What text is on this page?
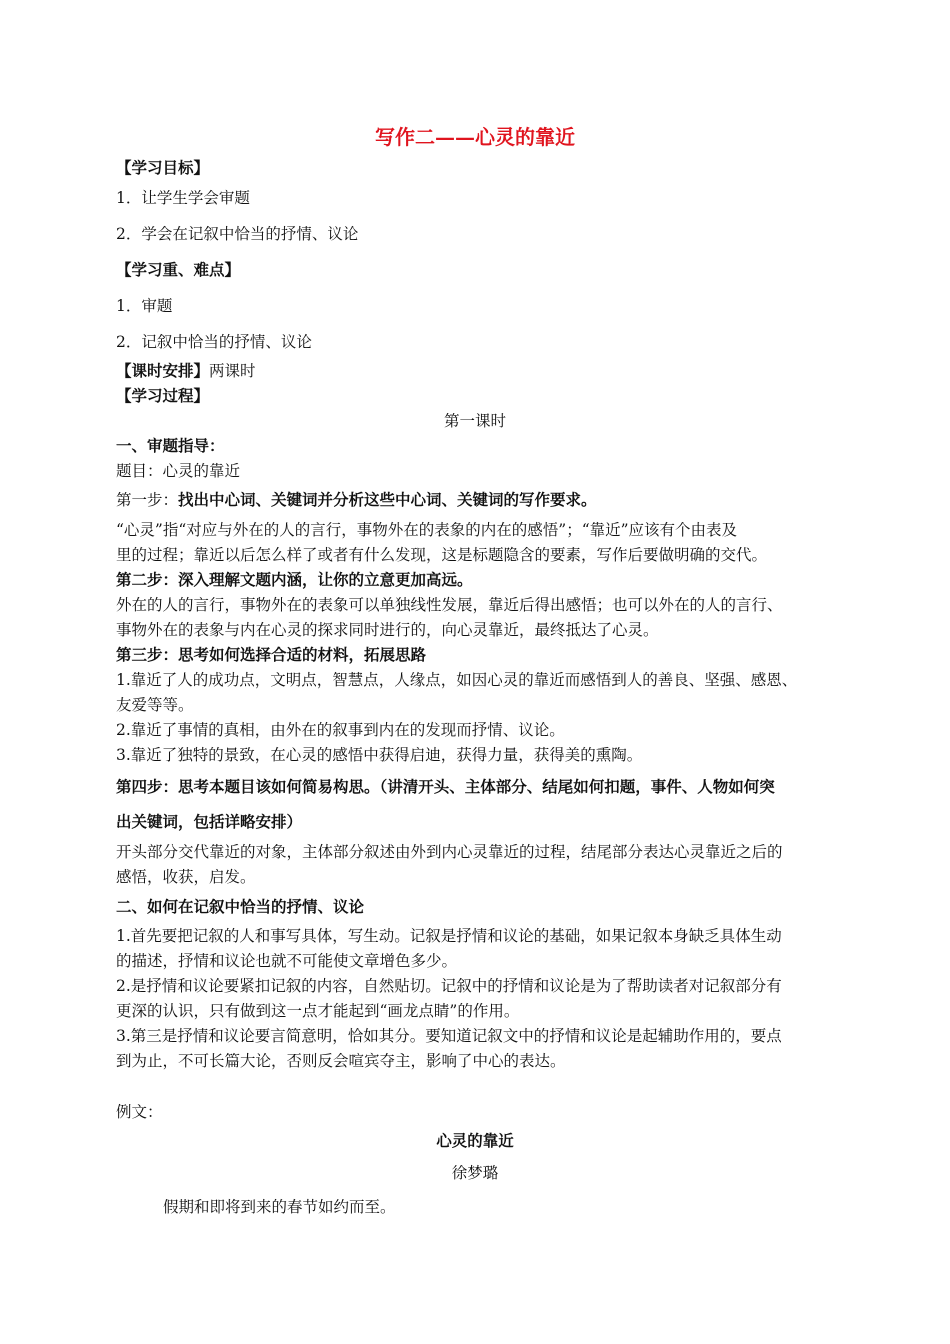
写作二——心灵的靠近
【学习目标】
1．让学生学会审题
2．学会在记叙中恰当的抒情、议论
【学习重、难点】
1．审题
2．记叙中恰当的抒情、议论
【课时安排】两课时
【学习过程】
第一课时
一、审题指导：
题目：心灵的靠近
第一步：找出中心词、关键词并分析这些中心词、关键词的写作要求。
“心灵”指“对应与外在的人的言行，事物外在的表象的内在的感悟”；“靠近”应该有个由表及
里的过程；靠近以后怎么样了或者有什么发现，这是标题隐含的要素，写作后要做明确的交代。
第二步：深入理解文题内涵，让你的立意更加高远。
外在的人的言行，事物外在的表象可以单独线性发展，靠近后得出感悟；也可以外在的人的言行、
事物外在的表象与内在心灵的探求同时进行的，向心灵靠近，最终抵达了心灵。
第三步：思考如何选择合适的材料，拓展思路
1.靠近了人的成功点，文明点，智慧点，人缘点，如因心灵的靠近而感悟到人的善良、坚强、感恩、
友爱等等。
2.靠近了事情的真相，由外在的叙事到内在的发现而抒情、议论。
3.靠近了独特的景致，在心灵的感悟中获得启迪，获得力量，获得美的熏陶。
第四步：思考本题目该如何简易构思。（讲清开头、主体部分、结尾如何扣题，事件、人物如何突
出关键词，包括详略安排）
开头部分交代靠近的对象，主体部分叙述由外到内心灵靠近的过程，结尾部分表达心灵靠近之后的
感悟，收获，启发。
二、如何在记叙中恰当的抒情、议论
1.首先要把记叙的人和事写具体，写生动。记叙是抒情和议论的基础，如果记叙本身缺乏具体生动
的描述，抒情和议论也就不可能使文章增色多少。
2.是抒情和议论要紧扣记叙的内容，自然贴切。记叙中的抒情和议论是为了帮助读者对记叙部分有
更深的认识，只有做到这一点才能起到“画龙点睛”的作用。
3.第三是抒情和议论要言简意明，恰如其分。要知道记叙文中的抒情和议论是起辅助作用的，要点
到为止，不可长篇大论，否则反会喧宾夺主，影响了中心的表达。
例文：
心灵的靠近
徐梦璐
假期和即将到来的春节如约而至。
